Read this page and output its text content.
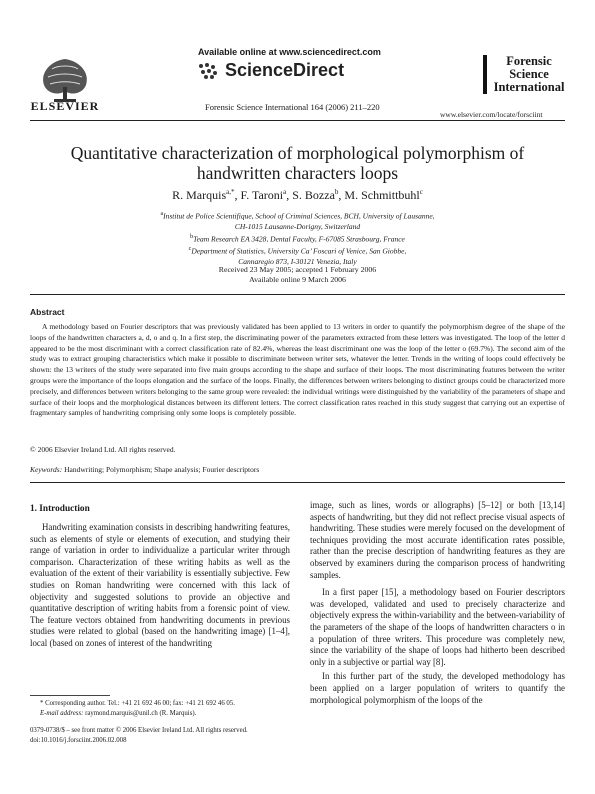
ELSEVIER
Available online at www.sciencedirect.com
ScienceDirect
Forensic Science International 164 (2006) 211–220
Forensic
Science
International
www.elsevier.com/locate/forsciint
Quantitative characterization of morphological polymorphism of
handwritten characters loops
R. Marquis$^{a,*}$, F. Taroni$^a$, S. Bozza$^b$, M. Schmittbuhl$^c$
$^a$Institut de Police Scientifique, School of Criminal Sciences, BCH, University of Lausanne,
CH-1015 Lausanne-Dorigny, Switzerland
$^b$Team Research EA 3428, Dental Faculty, F-67085 Strasbourg, France
$^c$Department of Statistics, University Ca’ Foscari of Venice, San Giobbe,
Cannaregio 873, I-30121 Venezia, Italy
Received 23 May 2005; accepted 1 February 2006
Available online 9 March 2006
Abstract
A methodology based on Fourier descriptors that was previously validated has been applied to 13 writers in order to quantify the polymorphism degree of the shape of the loops of the handwritten characters a, d, o and q. In a first step, the discriminating power of the parameters extracted from these letters was investigated. The loop of the letter d appeared to be the most discriminant with a correct classification rate of 82.4%, whereas the least discriminant one was the loop of the letter o (69.7%). The second aim of the study was to extract grouping characteristics which make it possible to discriminate between writer sets, whatever the letter. Trends in the writing of loops could effectively be shown: the 13 writers of the study were separated into five main groups according to the shape and surface of their loops. The most discriminating features between the writer groups were the importance of the loops elongation and the surface of the loops. Finally, the differences between writers belonging to distinct groups could be characterized more precisely, and differences between writers belonging to the same group were revealed: the individual writings were distinguished by the variability of the parameters of shape and surface of their loops and the morphological distances between its different letters. The correct classification rates reached in this study suggest that carrying out an expertise of fragmentary samples of handwriting comprising only some loops is completely possible.
© 2006 Elsevier Ireland Ltd. All rights reserved.
Keywords: Handwriting; Polymorphism; Shape analysis; Fourier descriptors
1. Introduction
Handwriting examination consists in describing handwriting features, such as elements of style or elements of execution, and studying their range of variation in order to individualize a particular writer through comparison. Characterization of these writing habits as well as the evaluation of the extent of their variability is essentially subjective. Few studies on Roman handwriting were concerned with this lack of objectivity and suggested solutions to provide an objective and quantitative description of writing habits from a forensic point of view. The feature vectors obtained from handwriting documents in previous studies were related to global (based on the handwriting image) [1–4], local (based on zones of interest of the handwriting

image, such as lines, words or allographs) [5–12] or both [13,14] aspects of handwriting, but they did not reflect precise visual aspects of handwriting. These studies were merely focused on the development of techniques providing the most accurate identification rates possible, rather than the precise description of handwriting features as they are observed by examiners during the comparison process of handwriting samples.

In a first paper [15], a methodology based on Fourier descriptors was developed, validated and used to precisely characterize and objectively express the within-variability and the between-variability of the parameters of the shape of the loops of handwritten characters o in a population of three writers. This procedure was completely new, since the variability of the shape of loops had hitherto been described only in a subjective or partial way [8].

In this further part of the study, the developed methodology has been applied on a larger population of writers to quantify the morphological polymorphism of the loops of the

* Corresponding author. Tel.: +41 21 692 46 00; fax: +41 21 692 46 05.
E-mail address: raymond.marquis@unil.ch (R. Marquis).
0379-0738/$ – see front matter © 2006 Elsevier Ireland Ltd. All rights reserved.
doi:10.1016/j.forsciint.2006.02.008
